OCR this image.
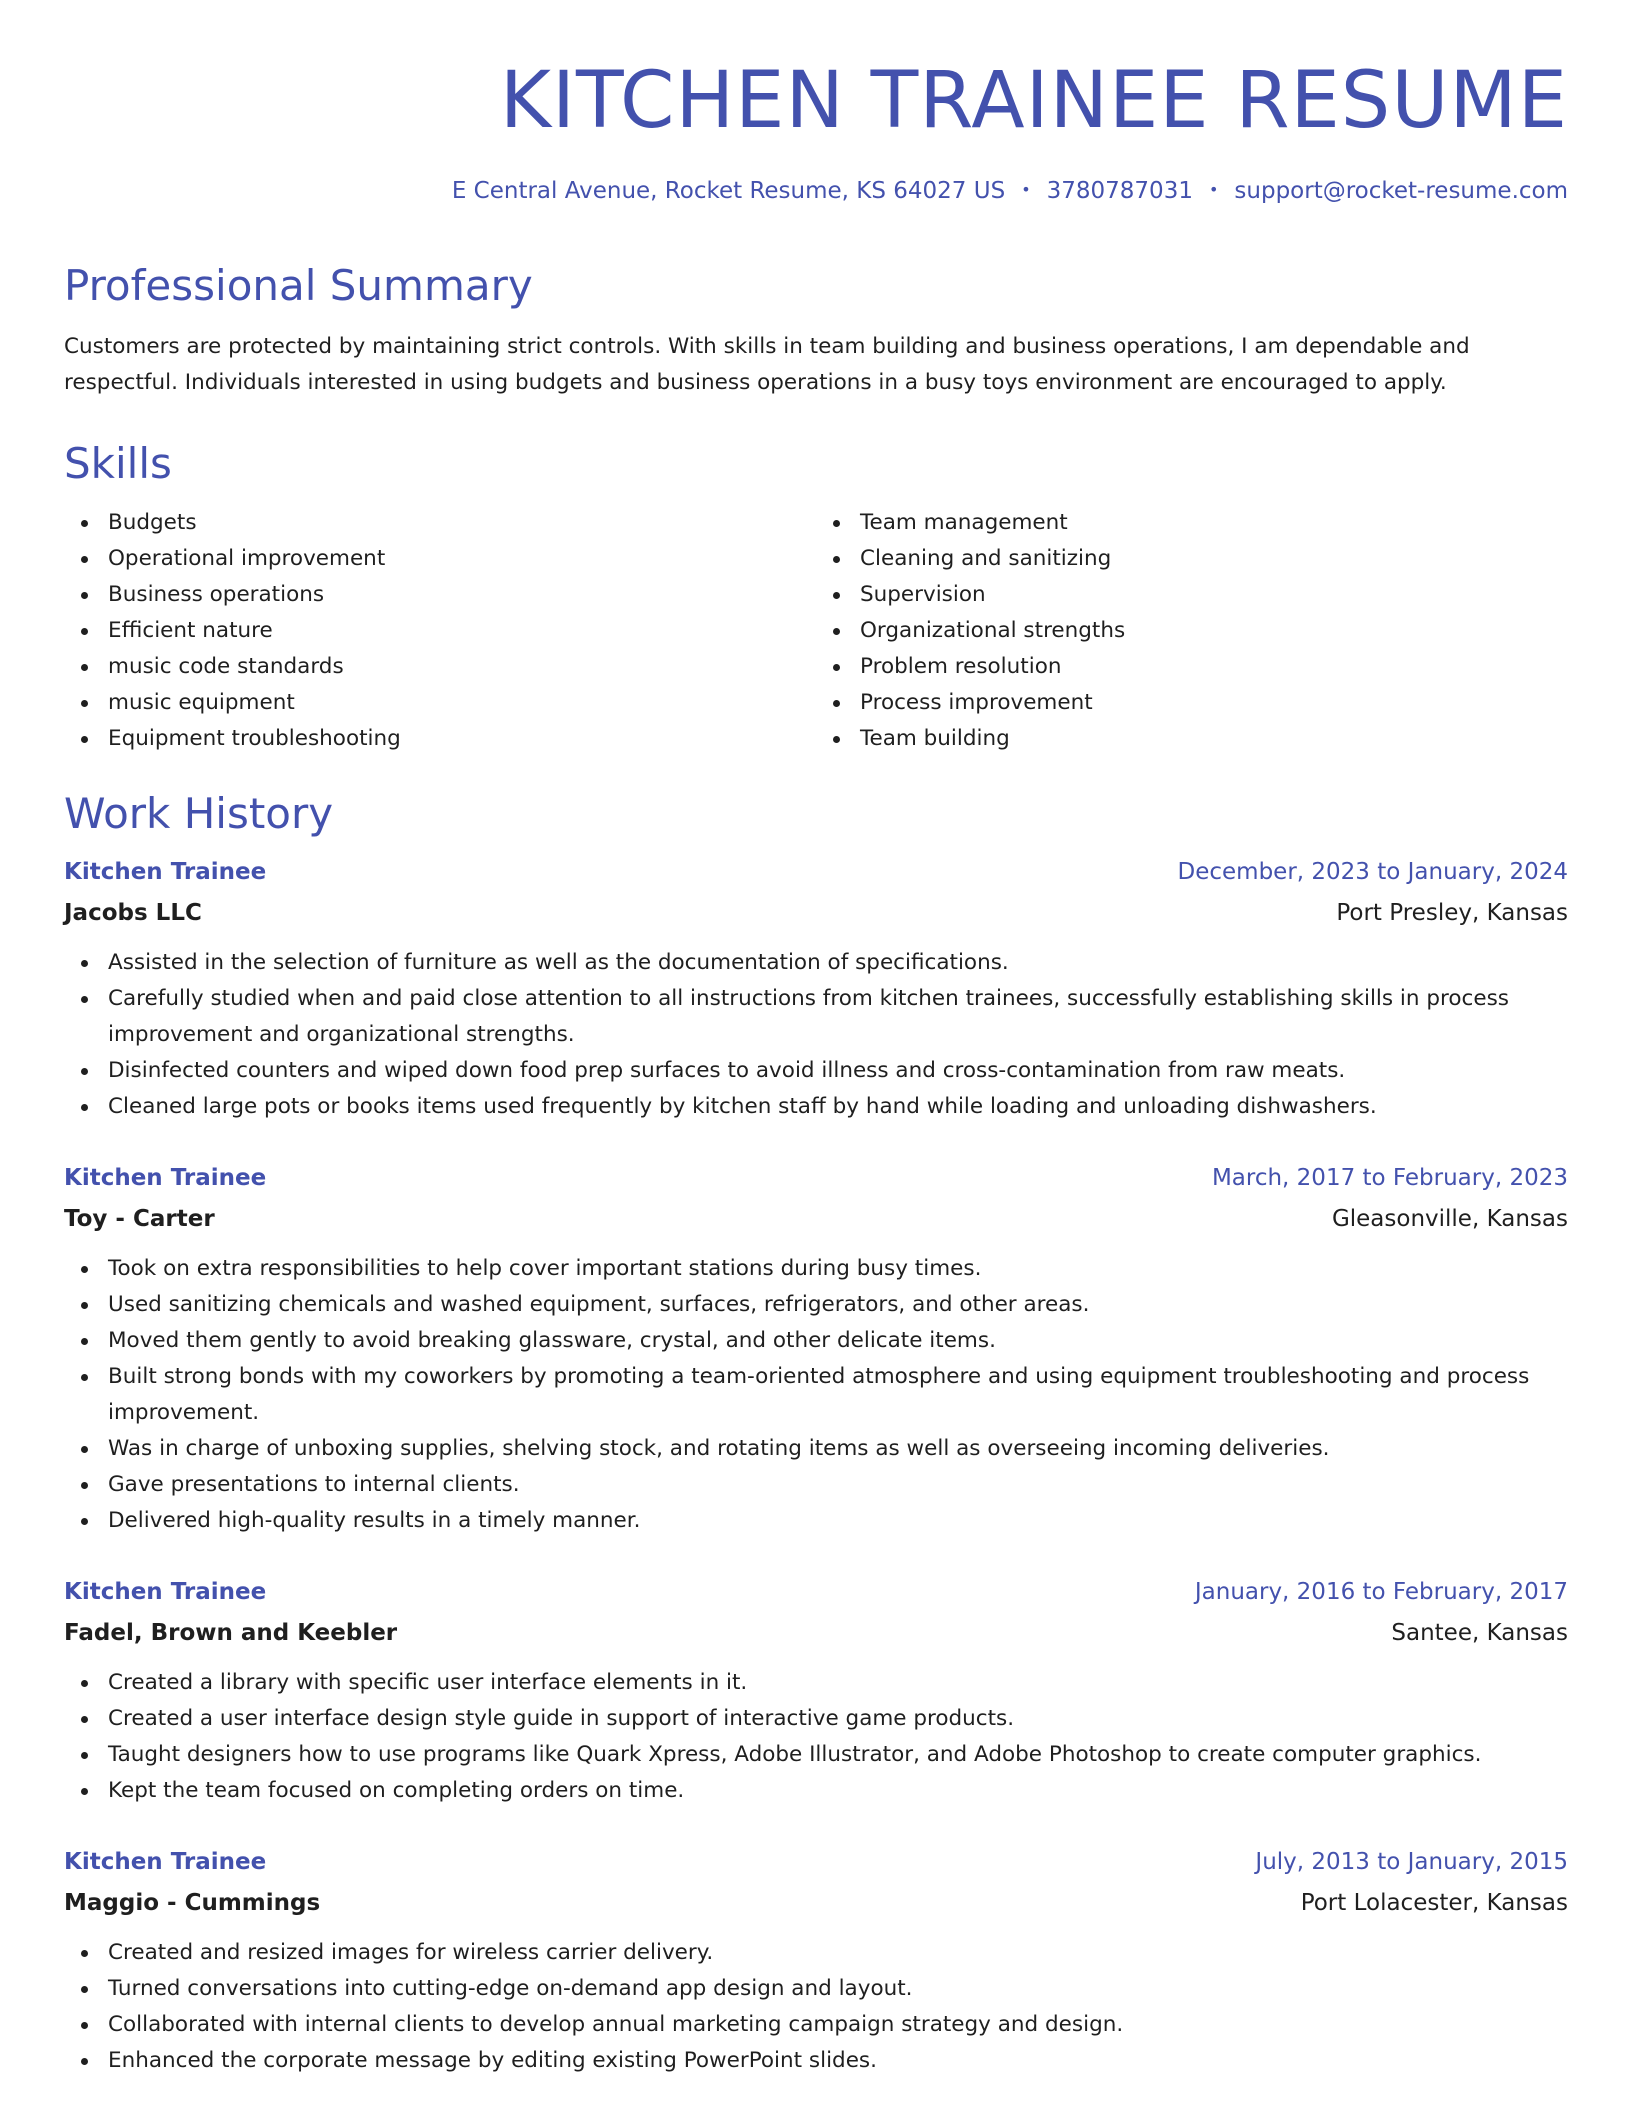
KITCHEN TRAINEE RESUME
E Central Avenue, Rocket Resume, KS 64027 US • 3780787031 • support@rocket-resume.com
Professional Summary
Customers are protected by maintaining strict controls. With skills in team building and business operations, I am dependable and respectful. Individuals interested in using budgets and business operations in a busy toys environment are encouraged to apply.
Skills
Budgets
Operational improvement
Business operations
Efficient nature
music code standards
music equipment
Equipment troubleshooting
Team management
Cleaning and sanitizing
Supervision
Organizational strengths
Problem resolution
Process improvement
Team building
Work History
Kitchen Trainee	December, 2023 to January, 2024
Jacobs LLC	Port Presley, Kansas
Assisted in the selection of furniture as well as the documentation of specifications.
Carefully studied when and paid close attention to all instructions from kitchen trainees, successfully establishing skills in process improvement and organizational strengths.
Disinfected counters and wiped down food prep surfaces to avoid illness and cross-contamination from raw meats.
Cleaned large pots or books items used frequently by kitchen staff by hand while loading and unloading dishwashers.
Kitchen Trainee	March, 2017 to February, 2023
Toy - Carter	Gleasonville, Kansas
Took on extra responsibilities to help cover important stations during busy times.
Used sanitizing chemicals and washed equipment, surfaces, refrigerators, and other areas.
Moved them gently to avoid breaking glassware, crystal, and other delicate items.
Built strong bonds with my coworkers by promoting a team-oriented atmosphere and using equipment troubleshooting and process improvement.
Was in charge of unboxing supplies, shelving stock, and rotating items as well as overseeing incoming deliveries.
Gave presentations to internal clients.
Delivered high-quality results in a timely manner.
Kitchen Trainee	January, 2016 to February, 2017
Fadel, Brown and Keebler	Santee, Kansas
Created a library with specific user interface elements in it.
Created a user interface design style guide in support of interactive game products.
Taught designers how to use programs like Quark Xpress, Adobe Illustrator, and Adobe Photoshop to create computer graphics.
Kept the team focused on completing orders on time.
Kitchen Trainee	July, 2013 to January, 2015
Maggio - Cummings	Port Lolacester, Kansas
Created and resized images for wireless carrier delivery.
Turned conversations into cutting-edge on-demand app design and layout.
Collaborated with internal clients to develop annual marketing campaign strategy and design.
Enhanced the corporate message by editing existing PowerPoint slides.
